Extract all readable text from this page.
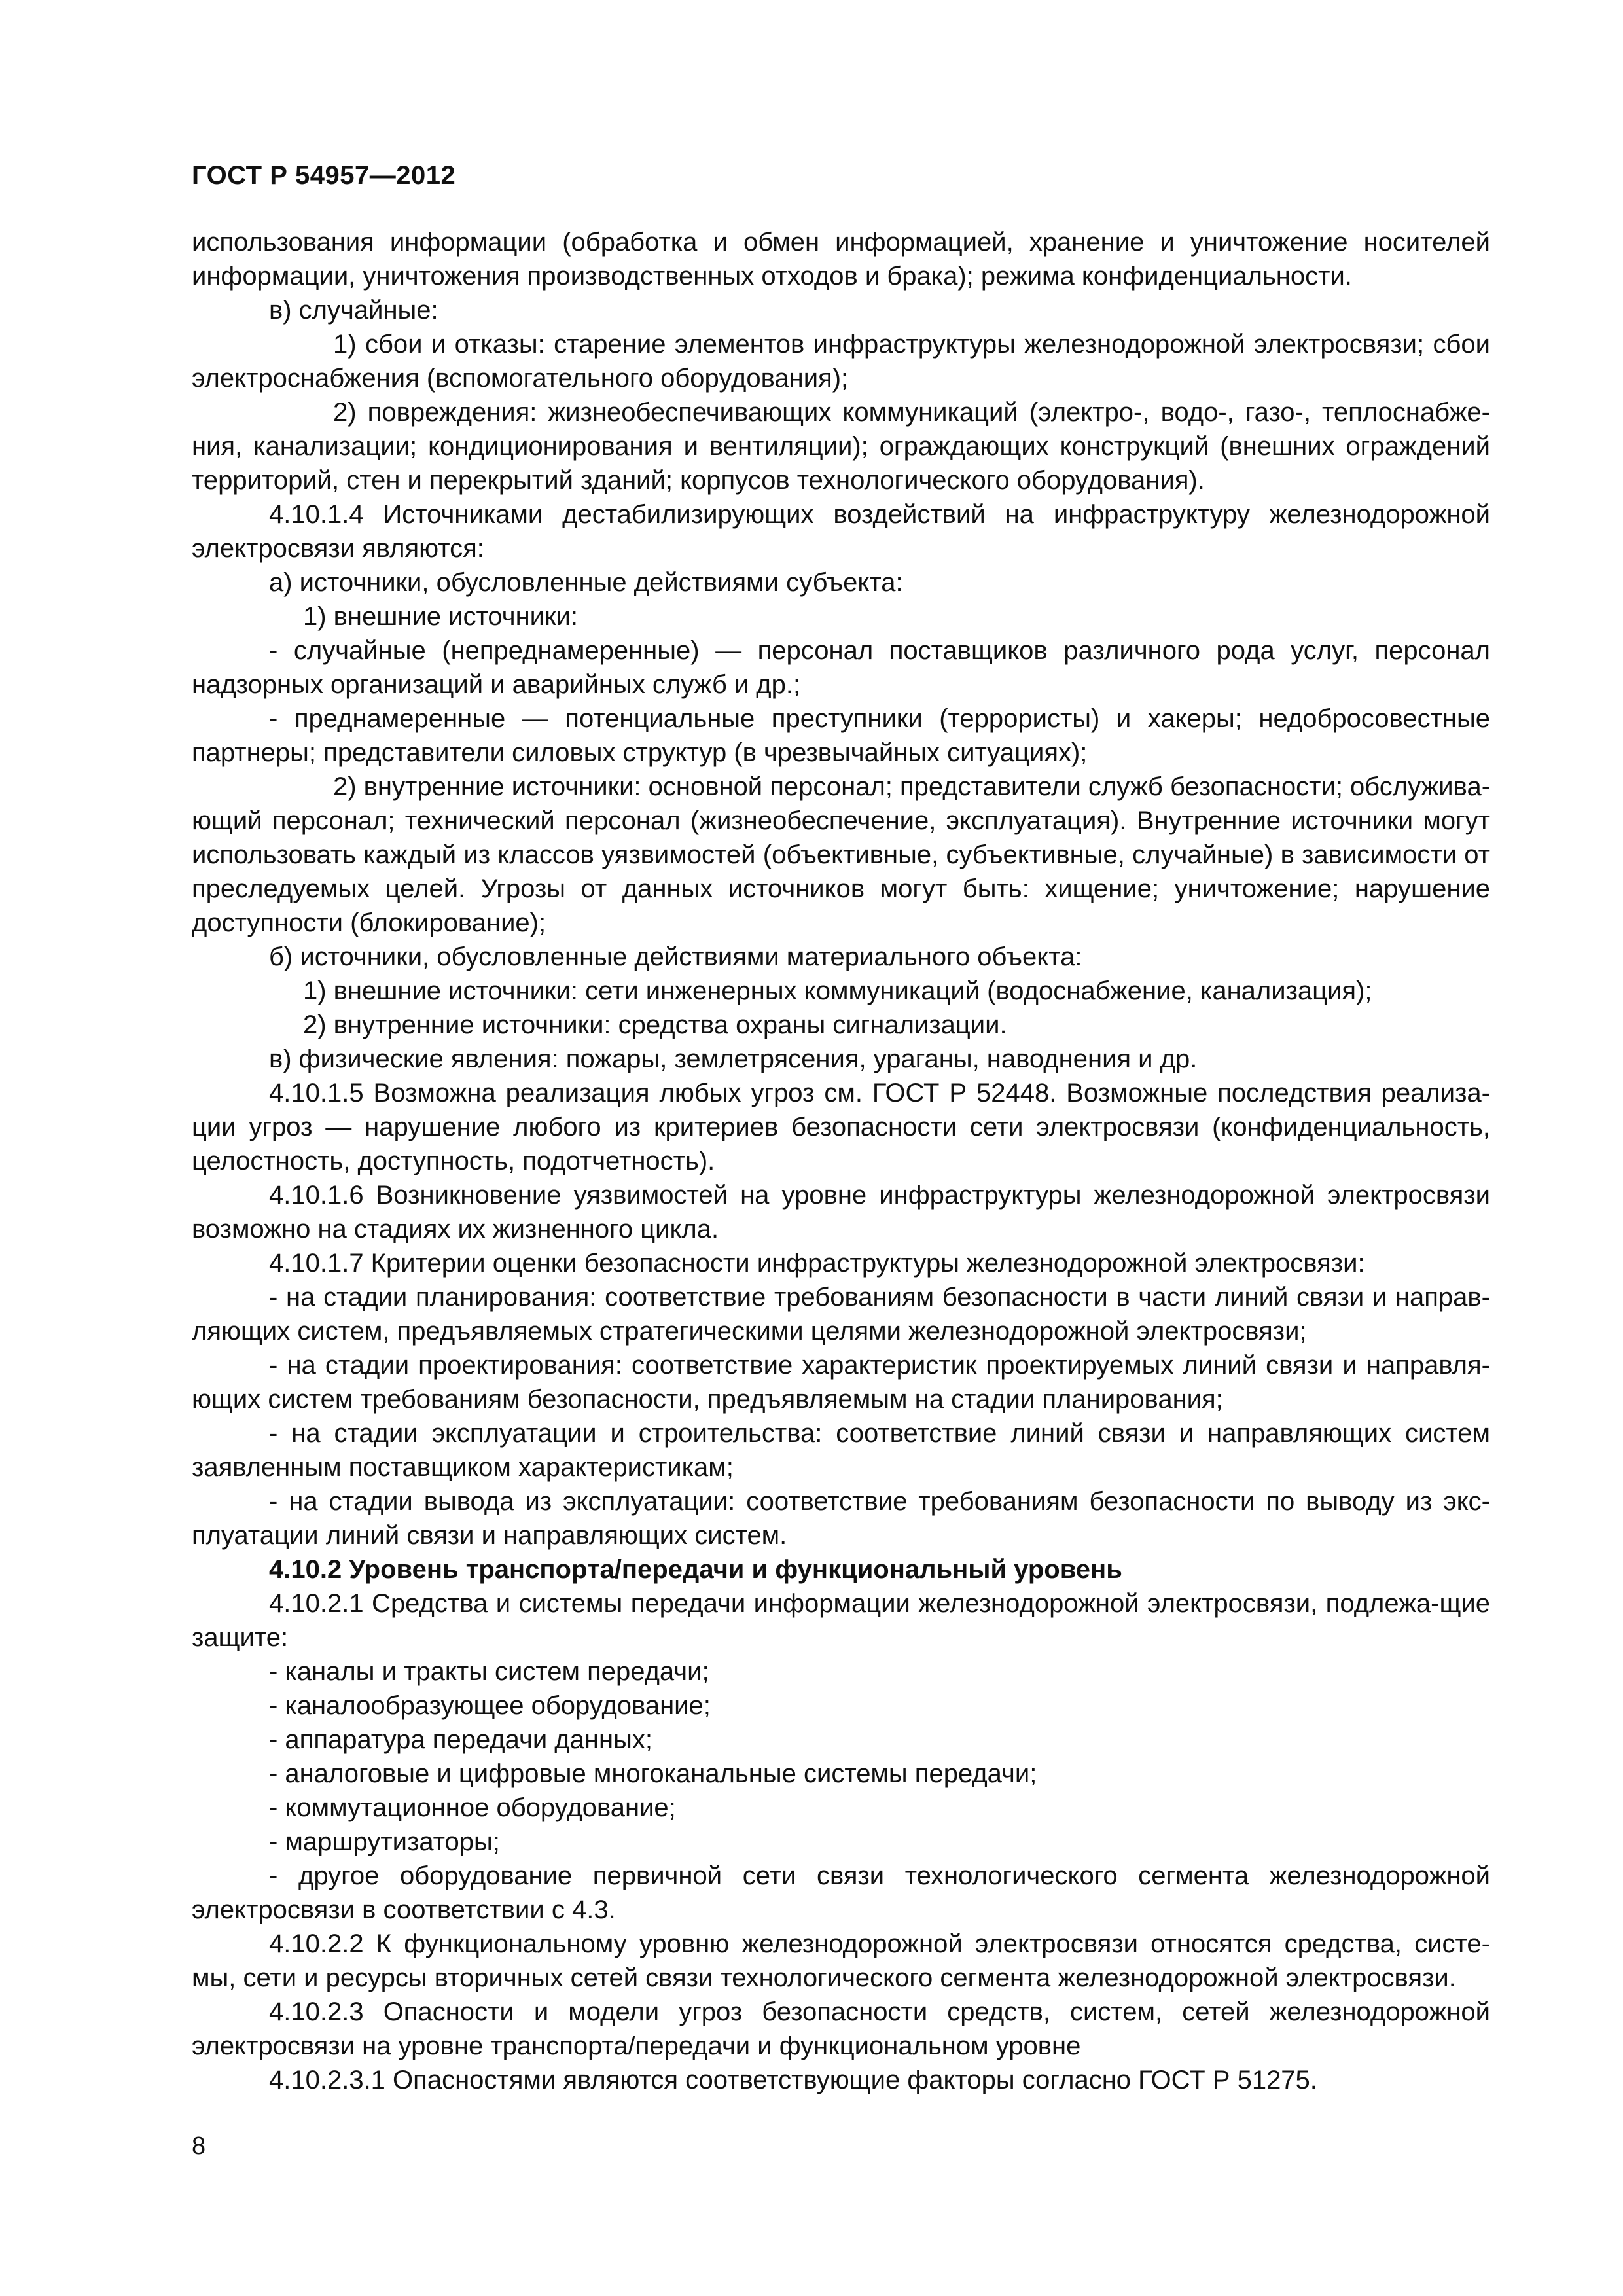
ГОСТ Р 54957—2012

использования информации (обработка и обмен информацией, хранение и уничтожение носителей информации, уничтожения производственных отходов и брака); режима конфиденциальности.

в) случайные:

1) сбои и отказы: старение элементов инфраструктуры железнодорожной электросвязи; сбои электроснабжения (вспомогательного оборудования);

2) повреждения: жизнеобеспечивающих коммуникаций (электро-, водо-, газо-, теплоснабже-ния, канализации; кондиционирования и вентиляции); ограждающих конструкций (внешних ограждений территорий, стен и перекрытий зданий; корпусов технологического оборудования).

4.10.1.4 Источниками дестабилизирующих воздействий на инфраструктуру железнодорожной электросвязи являются:

а) источники, обусловленные действиями субъекта:

1) внешние источники:

- случайные (непреднамеренные) — персонал поставщиков различного рода услуг, персонал надзорных организаций и аварийных служб и др.;

- преднамеренные — потенциальные преступники (террористы) и хакеры; недобросовестные партнеры; представители силовых структур (в чрезвычайных ситуациях);

2) внутренние источники: основной персонал; представители служб безопасности; обслужива-ющий персонал; технический персонал (жизнеобеспечение, эксплуатация). Внутренние источники могут использовать каждый из классов уязвимостей (объективные, субъективные, случайные) в зависимости от преследуемых целей. Угрозы от данных источников могут быть: хищение; уничтожение; нарушение доступности (блокирование);

б) источники, обусловленные действиями материального объекта:

1) внешние источники: сети инженерных коммуникаций (водоснабжение, канализация);

2) внутренние источники: средства охраны сигнализации.

в) физические явления: пожары, землетрясения, ураганы, наводнения и др.

4.10.1.5 Возможна реализация любых угроз см. ГОСТ Р 52448. Возможные последствия реализа-ции угроз — нарушение любого из критериев безопасности сети электросвязи (конфиденциальность, целостность, доступность, подотчетность).

4.10.1.6 Возникновение уязвимостей на уровне инфраструктуры железнодорожной электросвязи возможно на стадиях их жизненного цикла.

4.10.1.7 Критерии оценки безопасности инфраструктуры железнодорожной электросвязи:

- на стадии планирования: соответствие требованиям безопасности в части линий связи и направ-ляющих систем, предъявляемых стратегическими целями железнодорожной электросвязи;

- на стадии проектирования: соответствие характеристик проектируемых линий связи и направля-ющих систем требованиям безопасности, предъявляемым на стадии планирования;

- на стадии эксплуатации и строительства: соответствие линий связи и направляющих систем заявленным поставщиком характеристикам;

- на стадии вывода из эксплуатации: соответствие требованиям безопасности по выводу из экс-плуатации линий связи и направляющих систем.

4.10.2 Уровень транспорта/передачи и функциональный уровень

4.10.2.1 Средства и системы передачи информации железнодорожной электросвязи, подлежа-щие защите:

- каналы и тракты систем передачи;

- каналообразующее оборудование;

- аппаратура передачи данных;

- аналоговые и цифровые многоканальные системы передачи;

- коммутационное оборудование;

- маршрутизаторы;

- другое оборудование первичной сети связи технологического сегмента железнодорожной электросвязи в соответствии с 4.3.

4.10.2.2 К функциональному уровню железнодорожной электросвязи относятся средства, систе-мы, сети и ресурсы вторичных сетей связи технологического сегмента железнодорожной электросвязи.

4.10.2.3 Опасности и модели угроз безопасности средств, систем, сетей железнодорожной электросвязи на уровне транспорта/передачи и функциональном уровне

4.10.2.3.1 Опасностями являются соответствующие факторы согласно ГОСТ Р 51275.

8
